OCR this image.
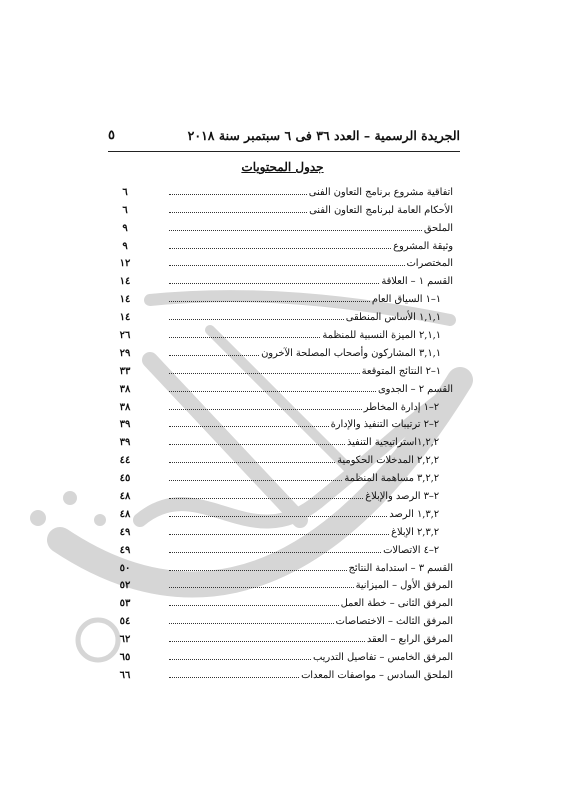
الجريدة الرسمية – العدد ٣٦ فى ٦ سبتمبر سنة ٢٠١٨
٥
جدول المحتويات
اتفاقية مشروع برنامج التعاون الفنى
٦
الأحكام العامة لبرنامج التعاون الفنى
٦
الملحق
٩
وثيقة المشروع
٩
المختصرات
١٢
القسم ١ – العلاقة
١٤
١–١ السياق العام
١٤
١,١,١ الأساس المنطقى
١٤
٢,١,١ الميزة النسبية للمنظمة
٢٦
٣,١,١ المشاركون وأصحاب المصلحة الآخرون
٢٩
١–٢ النتائج المتوقعة
٣٣
القسم ٢ – الجدوى
٣٨
٢–١ إدارة المخاطر
٣٨
٢–٢ ترتيبات التنفيذ والإدارة
٣٩
١,٢,٢استراتيجية التنفيذ
٣٩
٢,٢,٢ المدخلات الحكومية
٤٤
٣,٢,٢ مساهمة المنظمة
٤٥
٢–٣ الرصد والإبلاغ
٤٨
١,٣,٢ الرصد
٤٨
٢,٣,٢ الإبلاغ
٤٩
٢–٤ الاتصالات
٤٩
القسم ٣ – استدامة النتائج
٥٠
المرفق الأول – الميزانية
٥٢
المرفق الثانى – خطة العمل
٥٣
المرفق الثالث – الاختصاصات
٥٤
المرفق الرابع – العقد
٦٢
المرفق الخامس – تفاصيل التدريب
٦٥
الملحق السادس – مواصفات المعدات
٦٦
